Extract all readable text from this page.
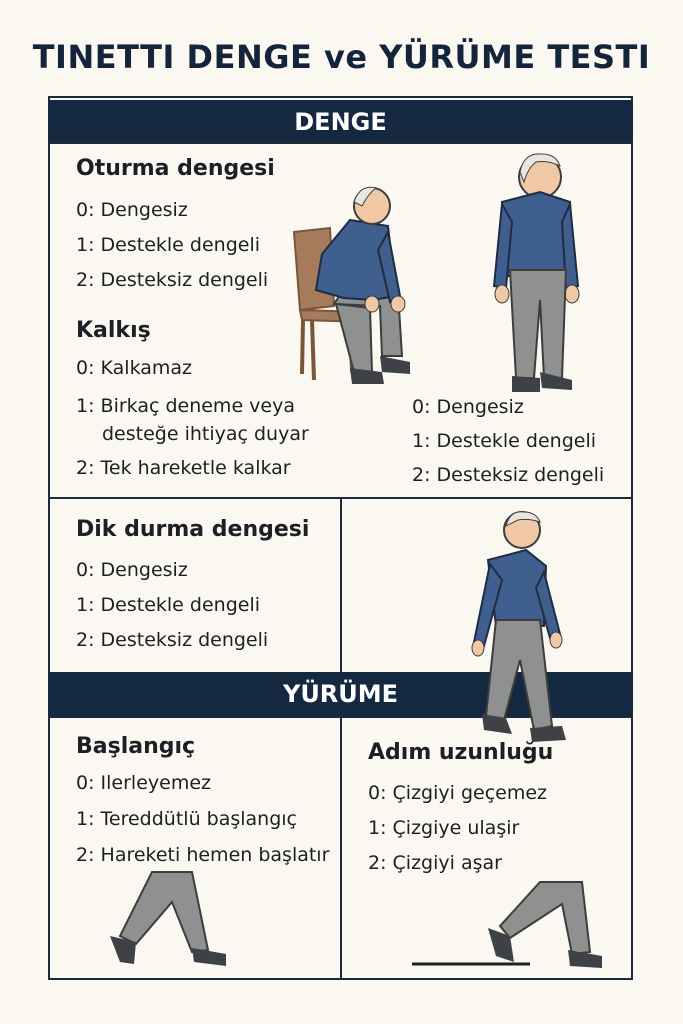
TINETTI DENGE ve YÜRÜME TESTI
DENGE
YÜRÜME
Oturma dengesi
0: Dengesiz
1: Destekle dengeli
2: Desteksiz dengeli
Kalkış
0: Kalkamaz
1: Birkaç deneme veya
desteğe ihtiyaç duyar
2: Tek hareketle kalkar
0: Dengesiz
1: Destekle dengeli
2: Desteksiz dengeli
Dik durma dengesi
0: Dengesiz
1: Destekle dengeli
2: Desteksiz dengeli
Başlangıç
0: Ilerleyemez
1: Tereddütlü başlangıç
2: Hareketi hemen başlatır
Adım uzunluğu
0: Çizgiyi geçemez
1: Çizgiye ulaşir
2: Çizgiyi aşar
